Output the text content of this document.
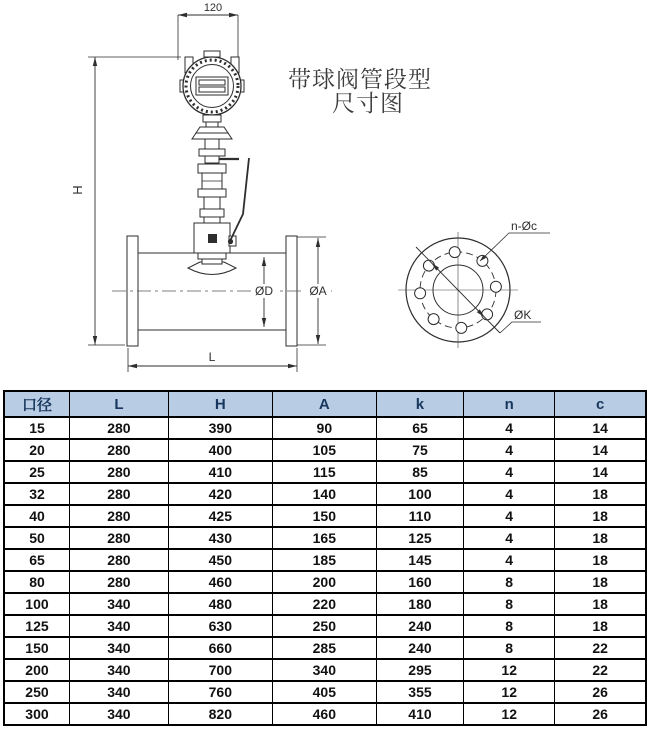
120
H
ØD	ØA
L
ØK
n-Øc
带球阀管段型
尺寸图
口径	L	H	A	k	n	c
15	280	390	90	65	4	14
20	280	400	105	75	4	14
25	280	410	115	85	4	14
32	280	420	140	100	4	18
40	280	425	150	110	4	18
50	280	430	165	125	4	18
65	280	450	185	145	4	18
80	280	460	200	160	8	18
100	340	480	220	180	8	18
125	340	630	250	240	8	18
150	340	660	285	240	8	22
200	340	700	340	295	12	22
250	340	760	405	355	12	26
300	340	820	460	410	12	26
